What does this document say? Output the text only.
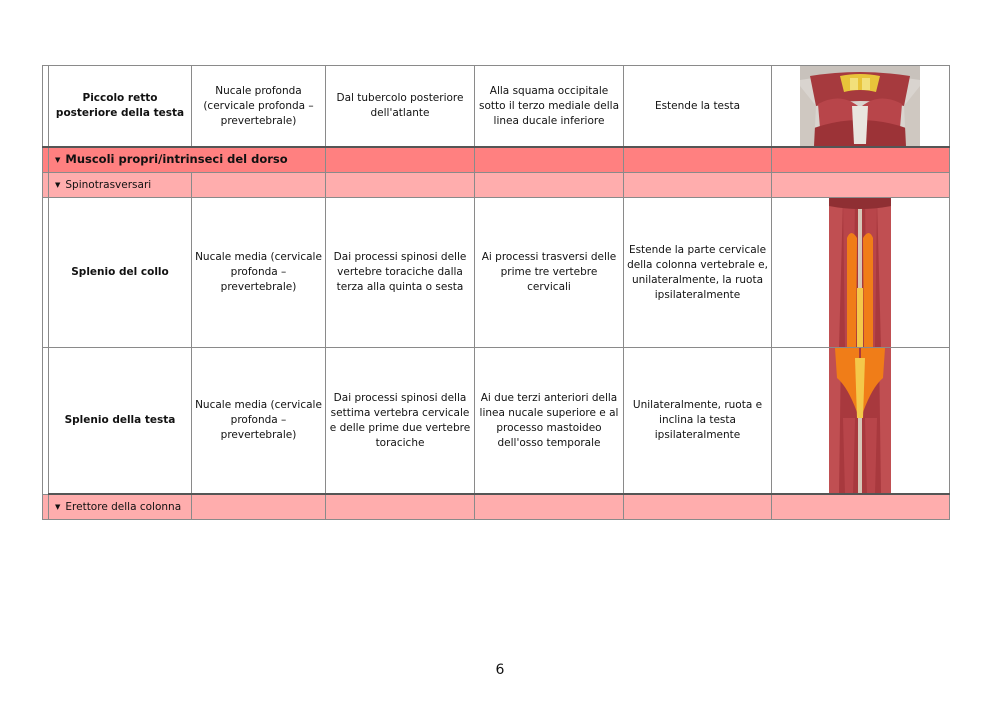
	Piccolo retto posteriore della testa	Nucale profonda (cervicale profonda – prevertebrale)	Dal tubercolo posteriore dell'atlante	Alla squama occipitale sotto il terzo mediale della linea ducale inferiore	Estende la testa	

	▼ Muscoli propri/intrinseci del dorso					
	▼ Spinotrasversari					
	Splenio del collo	Nucale media (cervicale profonda – prevertebrale)	Dai processi spinosi delle vertebre toraciche dalla terza alla quinta o sesta	Ai processi trasversi delle prime tre vertebre cervicali	Estende la parte cervicale della colonna vertebrale e, unilateralmente, la ruota ipsilateralmente	

	Splenio della testa	Nucale media (cervicale profonda – prevertebrale)	Dai processi spinosi della settima vertebra cervicale e delle prime due vertebre toraciche	Ai due terzi anteriori della linea nucale superiore e al processo mastoideo dell'osso temporale	Unilateralmente, ruota e inclina la testa ipsilateralmente	

	▼ Erettore della colonna					
6
